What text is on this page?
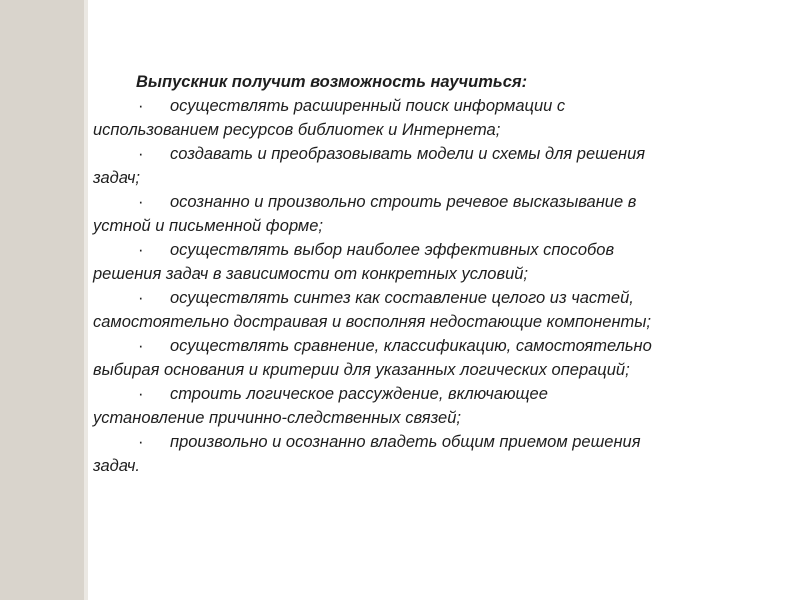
Выпускник получит возможность научиться:
· осуществлять расширенный поиск информации с
использованием ресурсов библиотек и Интернета;
· создавать и преобразовывать модели и схемы для решения
задач;
· осознанно и произвольно строить речевое высказывание в
устной и письменной форме;
· осуществлять выбор наиболее эффективных способов
решения задач в зависимости от конкретных условий;
· осуществлять синтез как составление целого из частей,
самостоятельно достраивая и восполняя недостающие компоненты;
· осуществлять сравнение, классификацию, самостоятельно
выбирая основания и критерии для указанных логических операций;
· строить логическое рассуждение, включающее
установление причинно-следственных связей;
· произвольно и осознанно владеть общим приемом решения
задач.
